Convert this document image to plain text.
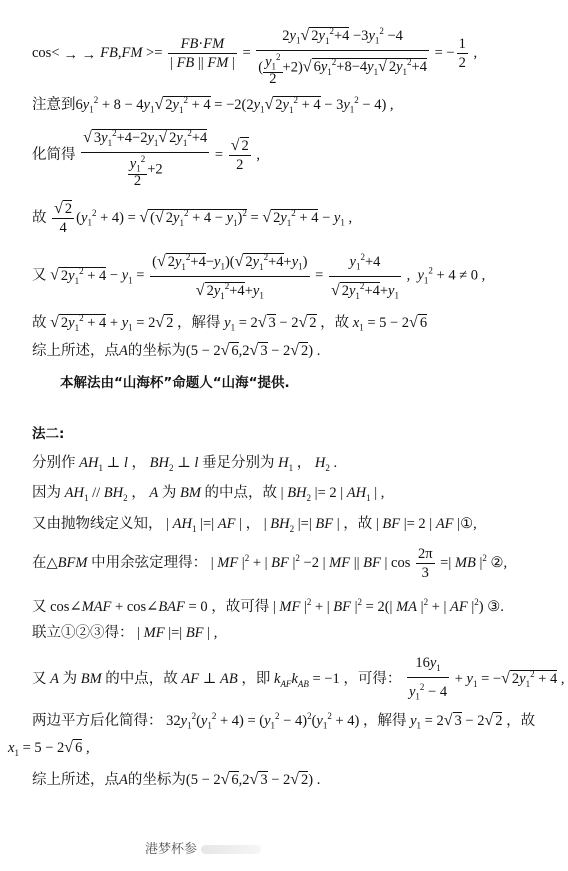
cos< → → $FB,FM >= \frac{FB\cdot FM}{| FB || FM |} = \frac{2y_1√ 2y_1^2+4 -3y_1^2 -4}{( \frac{y_1^2}{2} +2)√ 6y_1^2+8-4y_1√ 2y_1^2+4}$ = − $\frac{1}{2}$ ,
注意到$6y_1^2 + 8 - 4y_1√$ $2y_1^2 + 4 = -2(2y_1√$ $2y_1^2 + 4 - 3y_1^2 - 4$) ,
化简得 $\frac{√ 3y_1^2+4-2y_1√ 2y_1^2+4}{\frac{y_1^2}{2} +2} = \frac{√ 2}{2}$ ,
故 $\frac{√ 2}{4} (y_1^2 + 4)$ = √ (√ $2y_1^2 + 4 - y_1)^2$ = √ $2y_1^2 + 4 - y_1$ ,
又 √ $2y_1^2 + 4 - y_1 = \frac{(√ 2y_1^2+4-y_1)(√ 2y_1^2+4+y_1)}{√ 2y_1^2+4+y_1} = \frac{y_1^2+4}{√ 2y_1^2+4+y_1}$ ,  $y_1^2 + 4 \ne 0$ ,
故 √ $2y_1^2 + 4 + y_1 = 2√$ 2 ，解得 $y_1 = 2√$ 3 − 2√ 2 ，故 $x_1 = 5 - 2√$ 6
综上所述，点A的坐标为(5 − 2√ 6,2√ 3 − 2√ 2) .
本解法由“山海杯”命题人“山海“提供.
法二:
分别作 $AH_1$ ⊥ l ， $BH_2$ ⊥ l 垂足分别为 $H_1$ ， $H_2$ .
因为 $AH_1 // BH_2$ ， A 为 BM 的中点，故 | $BH_2$ |= 2 | $AH_1$ | ,
又由抛物线定义知， | $AH_1$ |=| AF | ， | $BH_2$ |=| BF | ，故 | BF |= 2 | AF |①,
在△BFM 中用余弦定理得： | MF $|^2$ + | BF $|^2 -2$ | MF || BF | $\cos \frac{2\pi}{3}$ =| MB $|^2$ ②,
又 cos∠MAF + cos∠BAF = 0 ，故可得 | MF $|^2$ + | BF $|^2 = 2(|$ MA $|^2$ + | AF $|^2$) ③.
联立①②③得： | MF |=| BF | ,
又 A 为 BM 的中点，故 AF ⊥ AB ，即 $k_{AF}k_{AB} = -1$ ，可得： $\frac{16y_1}{y_1^2 - 4} + y_1$ = −√ $2y_1^2 + 4$ ,
两边平方后化简得： $32y_1^2(y_1^2 + 4) = (y_1^2 - 4)^2(y_1^2 + 4)$ ，解得 $y_1 = 2√$ 3 − 2√ 2 ，故
$x_1 = 5 - 2√$ 6 ,
综上所述，点A的坐标为(5 − 2√ 6,2√ 3 − 2√ 2) .
港梦杯参
